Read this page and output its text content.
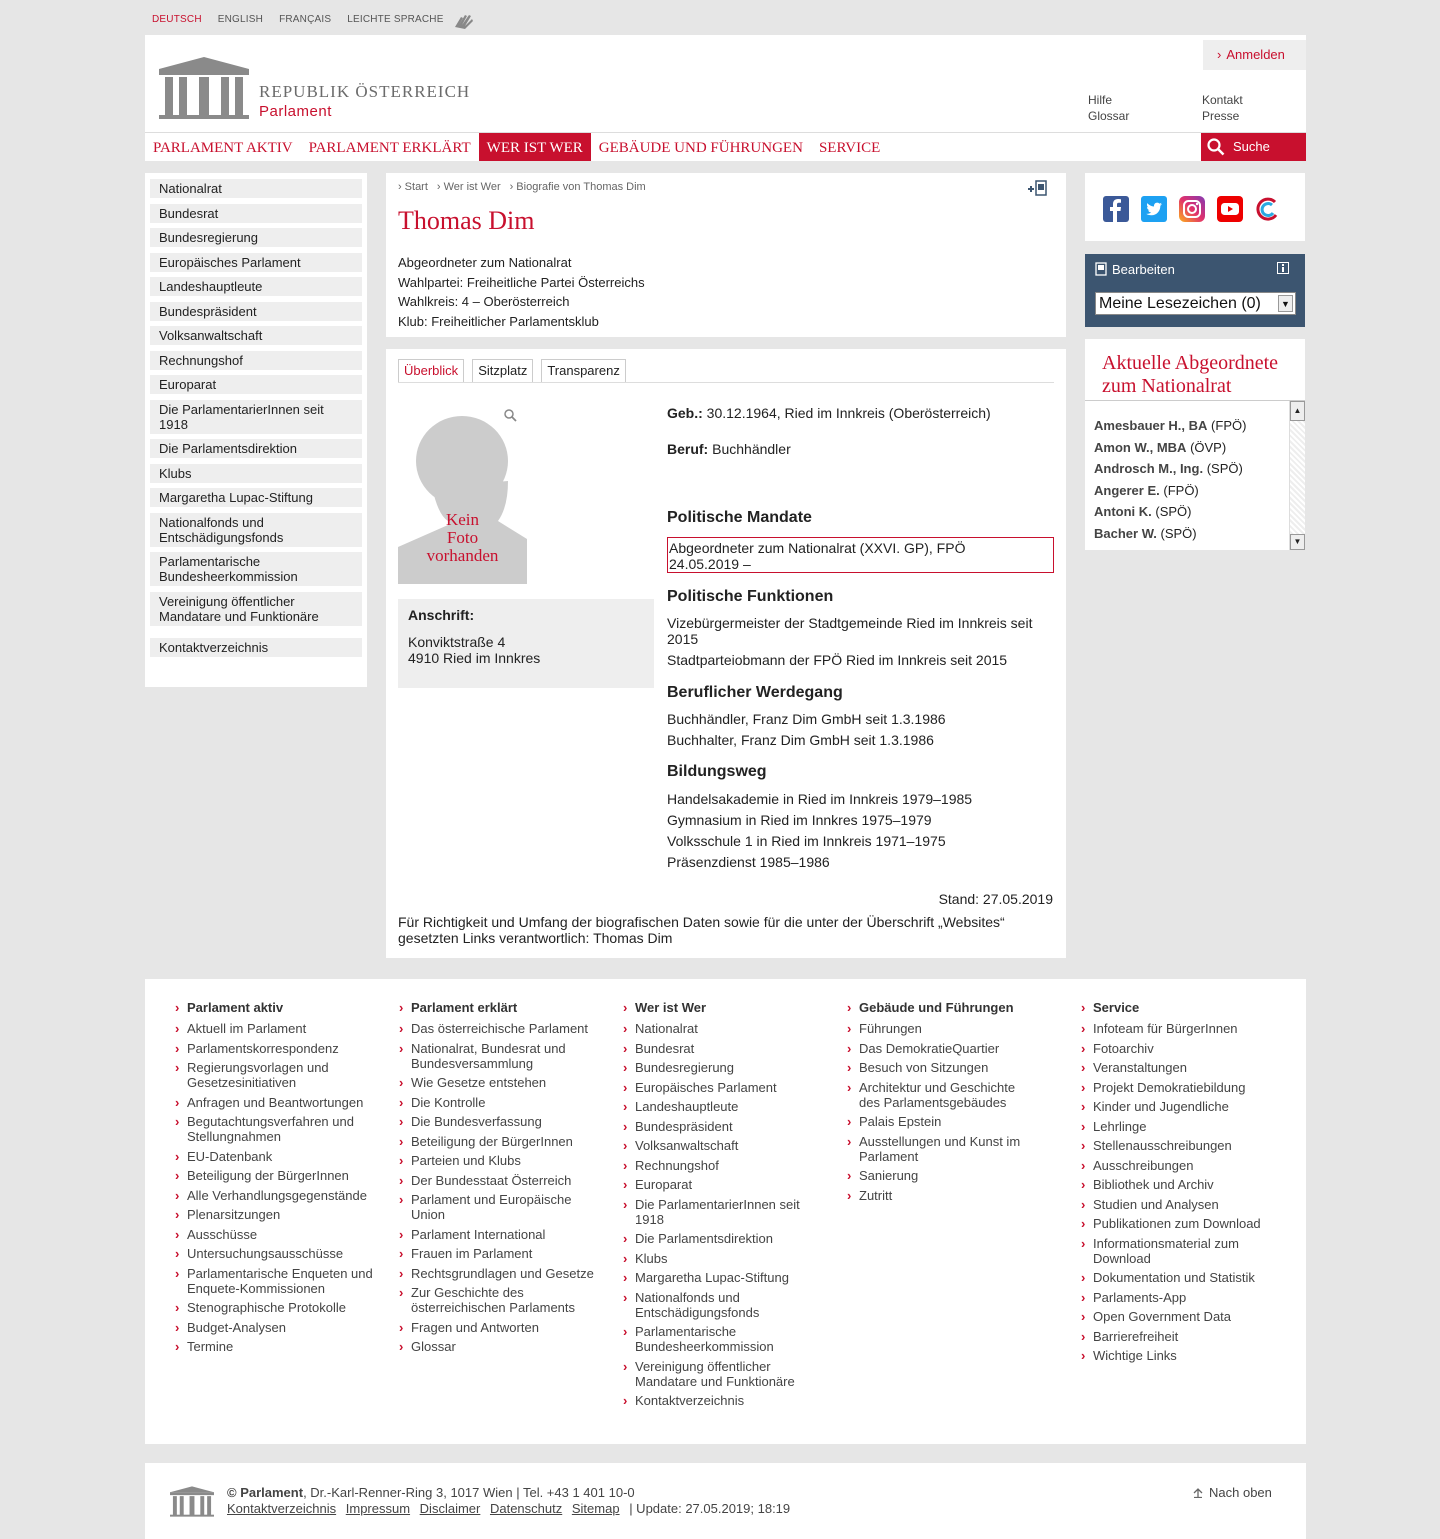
DEUTSCH ENGLISH FRANÇAIS LEICHTE SPRACHE
REPUBLIK ÖSTERREICH
Parlament
› Anmelden
Hilfe
Glossar
Kontakt
Presse
PARLAMENT AKTIV	PARLAMENT ERKLÄRT	WER IST WER	GEBÄUDE UND FÜHRUNGEN	SERVICE	Suche
Nationalrat
Bundesrat
Bundesregierung
Europäisches Parlament
Landeshauptleute
Bundespräsident
Volksanwaltschaft
Rechnungshof
Europarat
Die ParlamentarierInnen seit 1918
Die Parlamentsdirektion
Klubs
Margaretha Lupac-Stiftung
Nationalfonds und Entschädigungsfonds
Parlamentarische Bundesheerkommission
Vereinigung öffentlicher Mandatare und Funktionäre
Kontaktverzeichnis
› Start	› Wer ist Wer	› Biografie von Thomas Dim
Thomas Dim
Abgeordneter zum Nationalrat
Wahlpartei: Freiheitliche Partei Österreichs
Wahlkreis: 4 – Oberösterreich
Klub: Freiheitlicher Parlamentsklub
Überblick	Sitzplatz	Transparenz
Kein
Foto
vorhanden
Anschrift:
Konviktstraße 4
4910 Ried im Innkres
Geb.: 30.12.1964, Ried im Innkreis (Oberösterreich)
Beruf: Buchhändler
Politische Mandate
Abgeordneter zum Nationalrat (XXVI. GP), FPÖ
24.05.2019 –
Politische Funktionen
Vizebürgermeister der Stadtgemeinde Ried im Innkreis seit 2015
Stadtparteiobmann der FPÖ Ried im Innkreis seit 2015
Beruflicher Werdegang
Buchhändler, Franz Dim GmbH seit 1.3.1986
Buchhalter, Franz Dim GmbH seit 1.3.1986
Bildungsweg
Handelsakademie in Ried im Innkreis 1979–1985
Gymnasium in Ried im Innkres 1975–1979
Volksschule 1 in Ried im Innkreis 1971–1975
Präsenzdienst 1985–1986
Stand: 27.05.2019
Für Richtigkeit und Umfang der biografischen Daten sowie für die unter der Überschrift „Websites“ gesetzten Links verantwortlich: Thomas Dim
Bearbeiten
Meine Lesezeichen (0)	▼
Aktuelle Abgeordnete
zum Nationalrat
Amesbauer H., BA (FPÖ)
Amon W., MBA (ÖVP)
Androsch M., Ing. (SPÖ)
Angerer E. (FPÖ)
Antoni K. (SPÖ)
Bacher W. (SPÖ)
▲
▼
› Parlament aktiv
› Aktuell im Parlament
› Parlamentskorrespondenz
› Regierungsvorlagen und Gesetzesinitiativen
› Anfragen und Beantwortungen
› Begutachtungsverfahren und Stellungnahmen
› EU-Datenbank
› Beteiligung der BürgerInnen
› Alle Verhandlungsgegenstände
› Plenarsitzungen
› Ausschüsse
› Untersuchungsausschüsse
› Parlamentarische Enqueten und Enquete-Kommissionen
› Stenographische Protokolle
› Budget-Analysen
› Termine
› Parlament erklärt
› Das österreichische Parlament
› Nationalrat, Bundesrat und Bundesversammlung
› Wie Gesetze entstehen
› Die Kontrolle
› Die Bundesverfassung
› Beteiligung der BürgerInnen
› Parteien und Klubs
› Der Bundesstaat Österreich
› Parlament und Europäische Union
› Parlament International
› Frauen im Parlament
› Rechtsgrundlagen und Gesetze
› Zur Geschichte des österreichischen Parlaments
› Fragen und Antworten
› Glossar
› Wer ist Wer
› Nationalrat
› Bundesrat
› Bundesregierung
› Europäisches Parlament
› Landeshauptleute
› Bundespräsident
› Volksanwaltschaft
› Rechnungshof
› Europarat
› Die ParlamentarierInnen seit 1918
› Die Parlamentsdirektion
› Klubs
› Margaretha Lupac-Stiftung
› Nationalfonds und Entschädigungsfonds
› Parlamentarische Bundesheerkommission
› Vereinigung öffentlicher Mandatare und Funktionäre
› Kontaktverzeichnis
› Gebäude und Führungen
› Führungen
› Das DemokratieQuartier
› Besuch von Sitzungen
› Architektur und Geschichte des Parlamentsgebäudes
› Palais Epstein
› Ausstellungen und Kunst im Parlament
› Sanierung
› Zutritt
› Service
› Infoteam für BürgerInnen
› Fotoarchiv
› Veranstaltungen
› Projekt Demokratiebildung
› Kinder und Jugendliche
› Lehrlinge
› Stellenausschreibungen
› Ausschreibungen
› Bibliothek und Archiv
› Studien und Analysen
› Publikationen zum Download
› Informationsmaterial zum Download
› Dokumentation und Statistik
› Parlaments-App
› Open Government Data
› Barrierefreiheit
› Wichtige Links
© Parlament, Dr.-Karl-Renner-Ring 3, 1017 Wien | Tel. +43 1 401 10-0
Kontaktverzeichnis Impressum Disclaimer Datenschutz Sitemap | Update: 27.05.2019; 18:19
Nach oben
